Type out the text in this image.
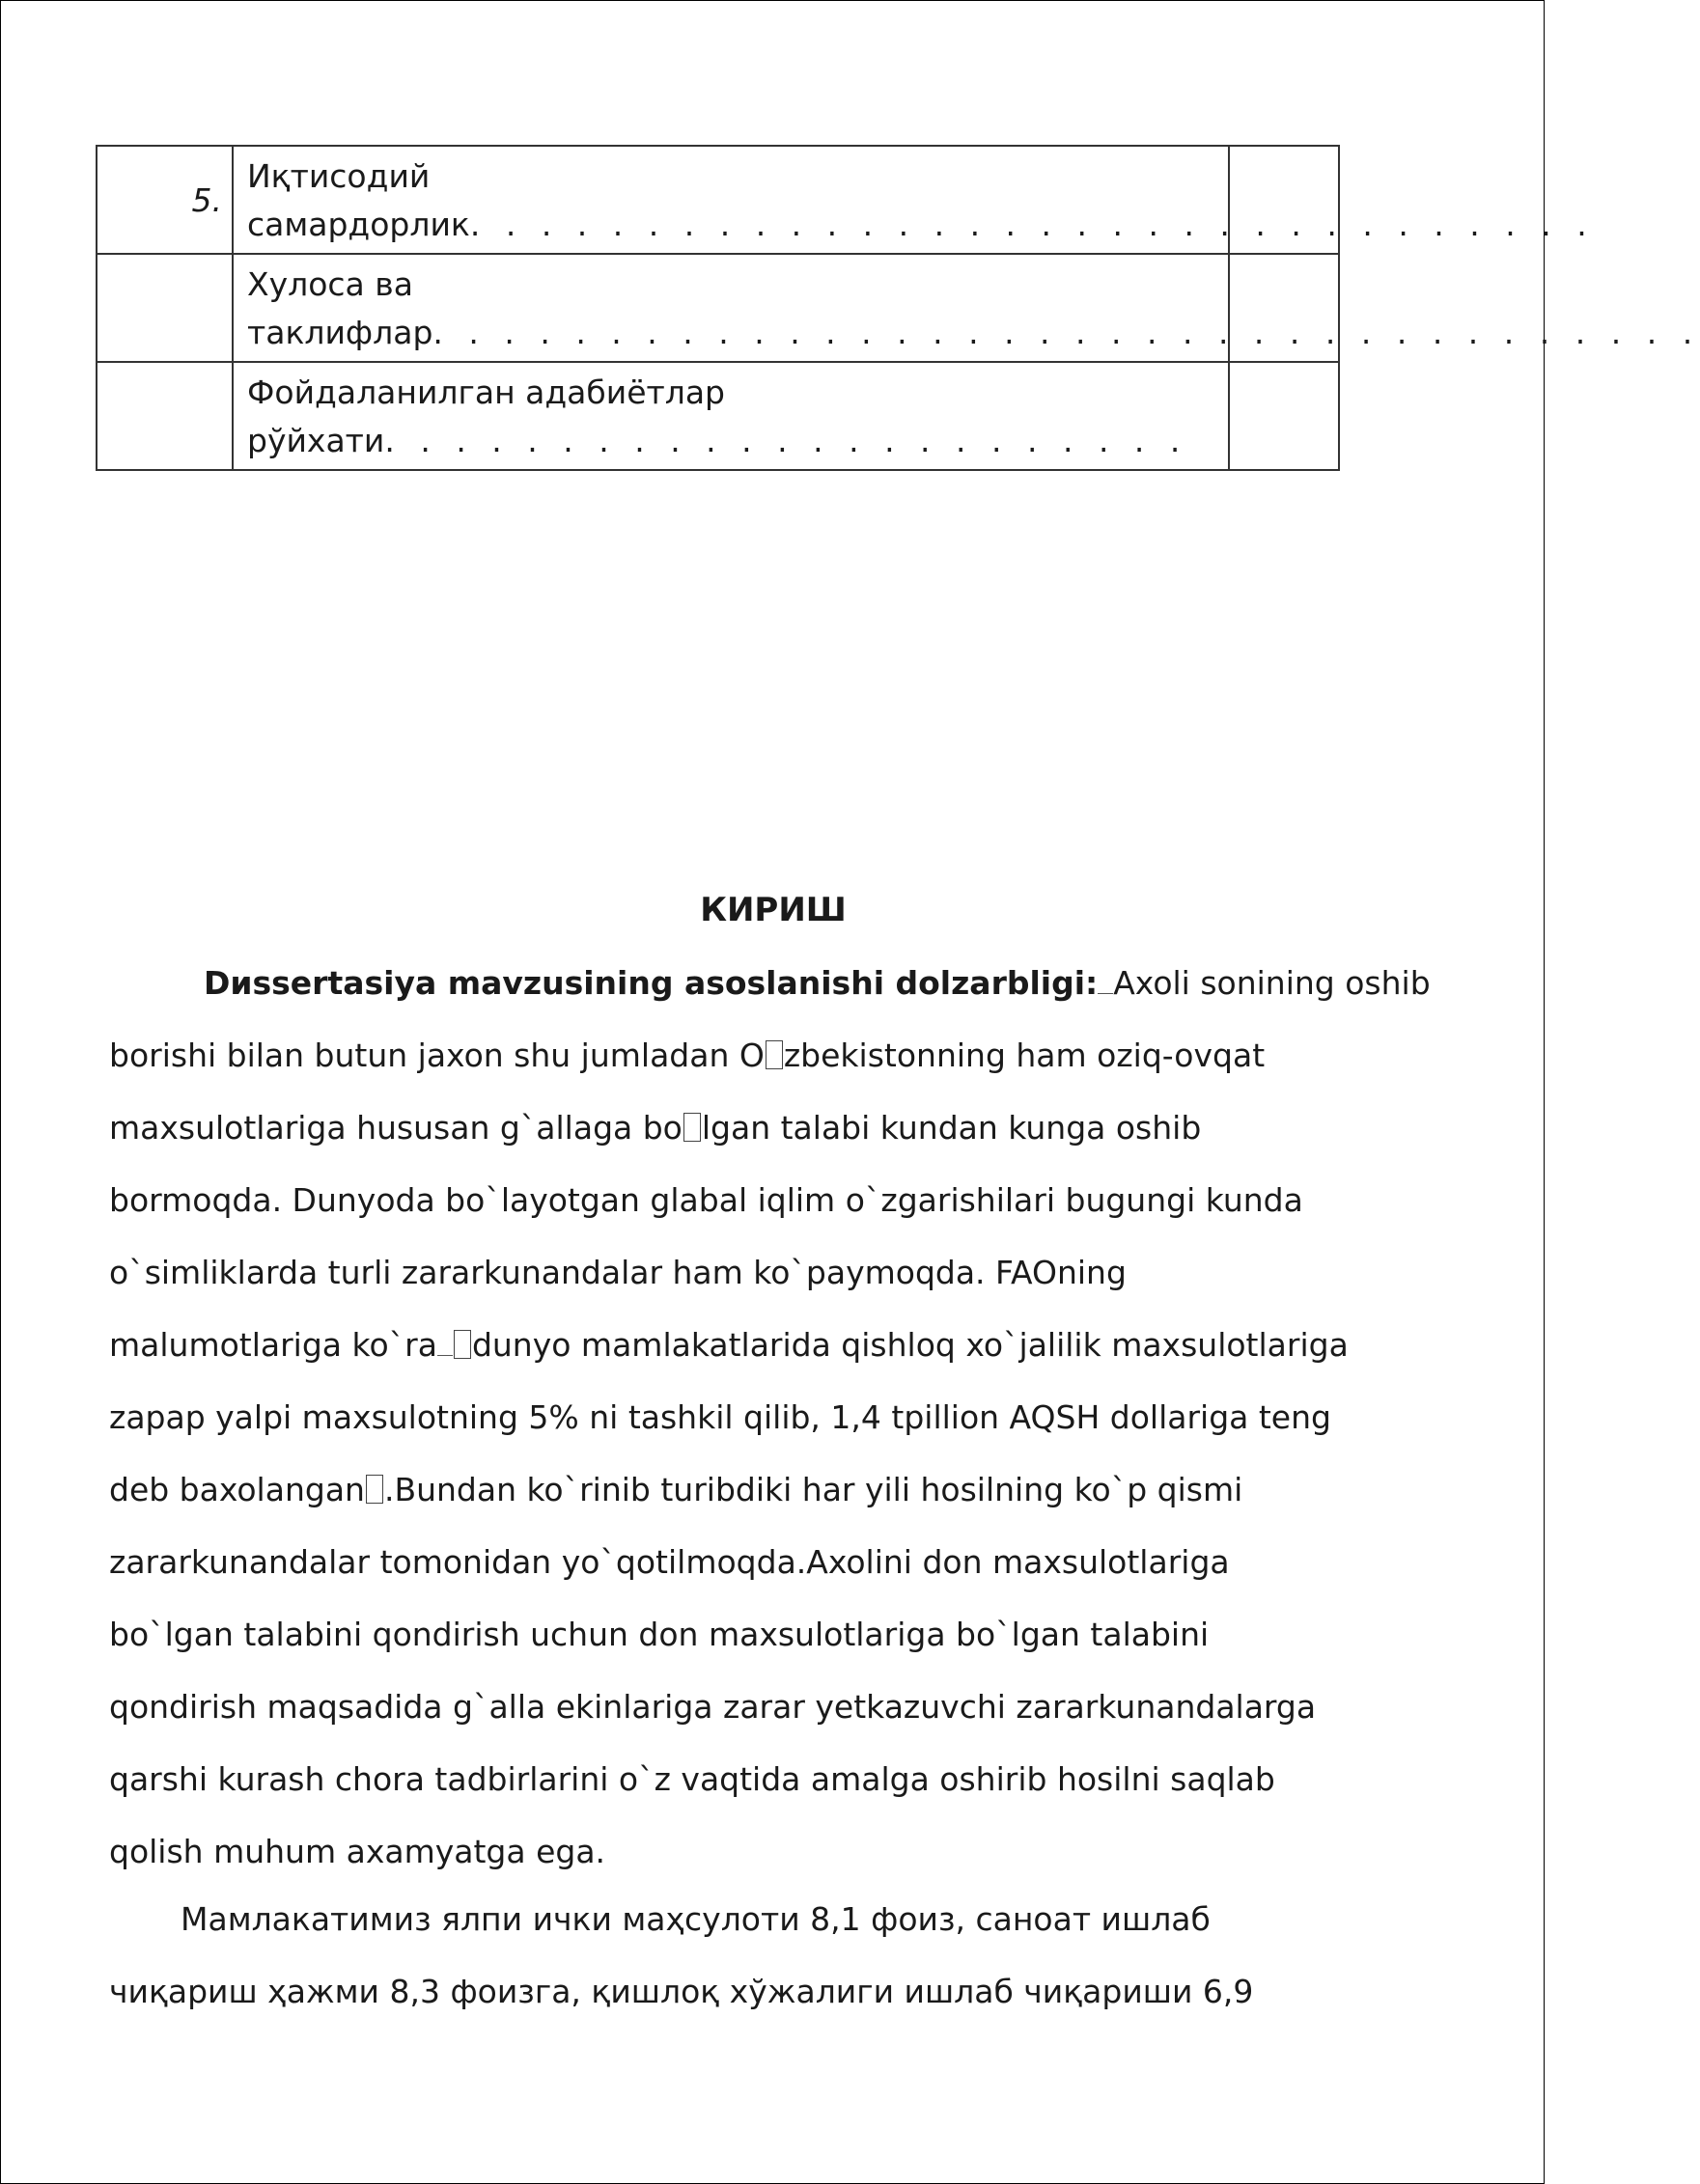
5.	Иқтисодий
самардорлик. . . . . . . . . . . . . . . . . . . . . . . . . . . . . . . .	

	Хулоса ва
таклифлар. . . . . . . . . . . . . . . . . . . . . . . . . . . . . . . . . . . .	

	Фойдаланилган адабиётлар
рўйхати. . . . . . . . . . . . . . . . . . . . . . .	

КИРИШ
Dиssertasiya mavzusining asoslanishi dolzarbligi: Axoli sonining oshib
borishi bilan butun jaxon shu jumladan O zbekistonning ham oziq-ovqat
maxsulotlariga hususan g`allaga bo lgan talabi kundan kunga oshib
bormoqda. Dunyoda bo`layotgan glabal iqlim o`zgarishilari bugungi kunda
o`simliklarda turli zararkunandalar ham ko`paymoqda. FAOning
malumotlariga ko`ra dunyo mamlakatlarida qishloq xo`jalilik maxsulotlariga
zapap yalpi maxsulotning 5% ni tashkil qilib, 1,4 tpillion AQSH dollariga teng
deb baxolangan .Bundan ko`rinib turibdiki har yili hosilning ko`p qismi
zararkunandalar tomonidan yo`qotilmoqda.Axolini don maxsulotlariga
bo`lgan talabini qondirish uchun don maxsulotlariga bo`lgan talabini
qondirish maqsadida g`alla ekinlariga zarar yetkazuvchi zararkunandalarga
qarshi kurash chora tadbirlarini o`z vaqtida amalga oshirib hosilni saqlab
qolish muhum axamyatga ega.
Мамлакатимиз ялпи ички маҳсулоти 8,1 фоиз, саноат ишлаб
чиқариш ҳажми 8,3 фоизга, қишлоқ хўжалиги ишлаб чиқариши 6,9
